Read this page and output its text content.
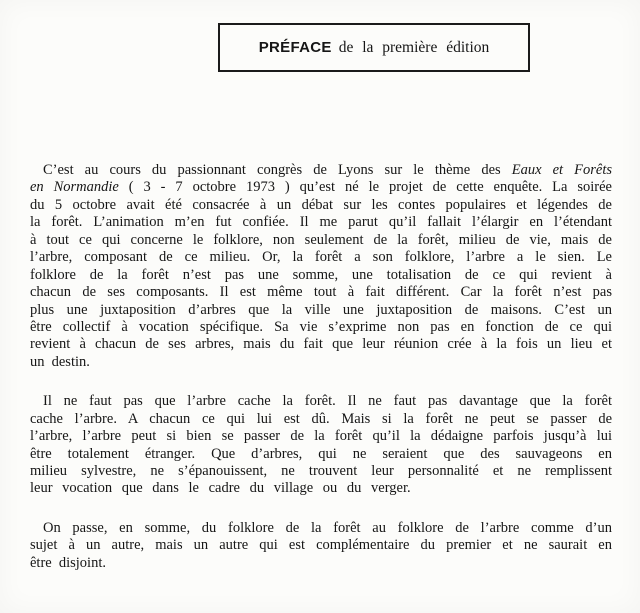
PRÉFACE de la première édition
C’est au cours du passionnant congrès de Lyons sur le thème des Eaux et Forêts
en Normandie ( 3 - 7 octobre 1973 ) qu’est né le projet de cette enquête. La soirée
du 5 octobre avait été consacrée à un débat sur les contes populaires et légendes de
la forêt. L’animation m’en fut confiée. Il me parut qu’il fallait l’élargir en l’étendant
à tout ce qui concerne le folklore, non seulement de la forêt, milieu de vie, mais de
l’arbre, composant de ce milieu. Or, la forêt a son folklore, l’arbre a le sien. Le
folklore de la forêt n’est pas une somme, une totalisation de ce qui revient à
chacun de ses composants. Il est même tout à fait différent. Car la forêt n’est pas
plus une juxtaposition d’arbres que la ville une juxtaposition de maisons. C’est un
être collectif à vocation spécifique. Sa vie s’exprime non pas en fonction de ce qui
revient à chacun de ses arbres, mais du fait que leur réunion crée à la fois un lieu et
un destin.
Il ne faut pas que l’arbre cache la forêt. Il ne faut pas davantage que la forêt
cache l’arbre. A chacun ce qui lui est dû. Mais si la forêt ne peut se passer de
l’arbre, l’arbre peut si bien se passer de la forêt qu’il la dédaigne parfois jusqu’à lui
être totalement étranger. Que d’arbres, qui ne seraient que des sauvageons en
milieu sylvestre, ne s’épanouissent, ne trouvent leur personnalité et ne remplissent
leur vocation que dans le cadre du village ou du verger.
On passe, en somme, du folklore de la forêt au folklore de l’arbre comme d’un
sujet à un autre, mais un autre qui est complémentaire du premier et ne saurait en
être disjoint.
